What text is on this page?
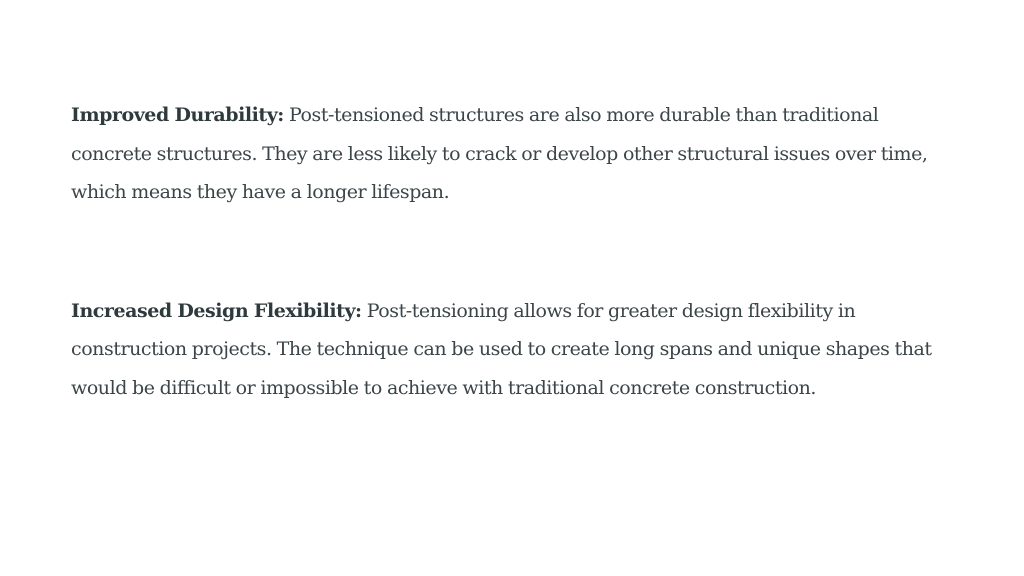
Improved Durability: Post-tensioned structures are also more durable than traditional concrete structures. They are less likely to crack or develop other structural issues over time, which means they have a longer lifespan.

Increased Design Flexibility: Post-tensioning allows for greater design flexibility in construction projects. The technique can be used to create long spans and unique shapes that would be difficult or impossible to achieve with traditional concrete construction.
